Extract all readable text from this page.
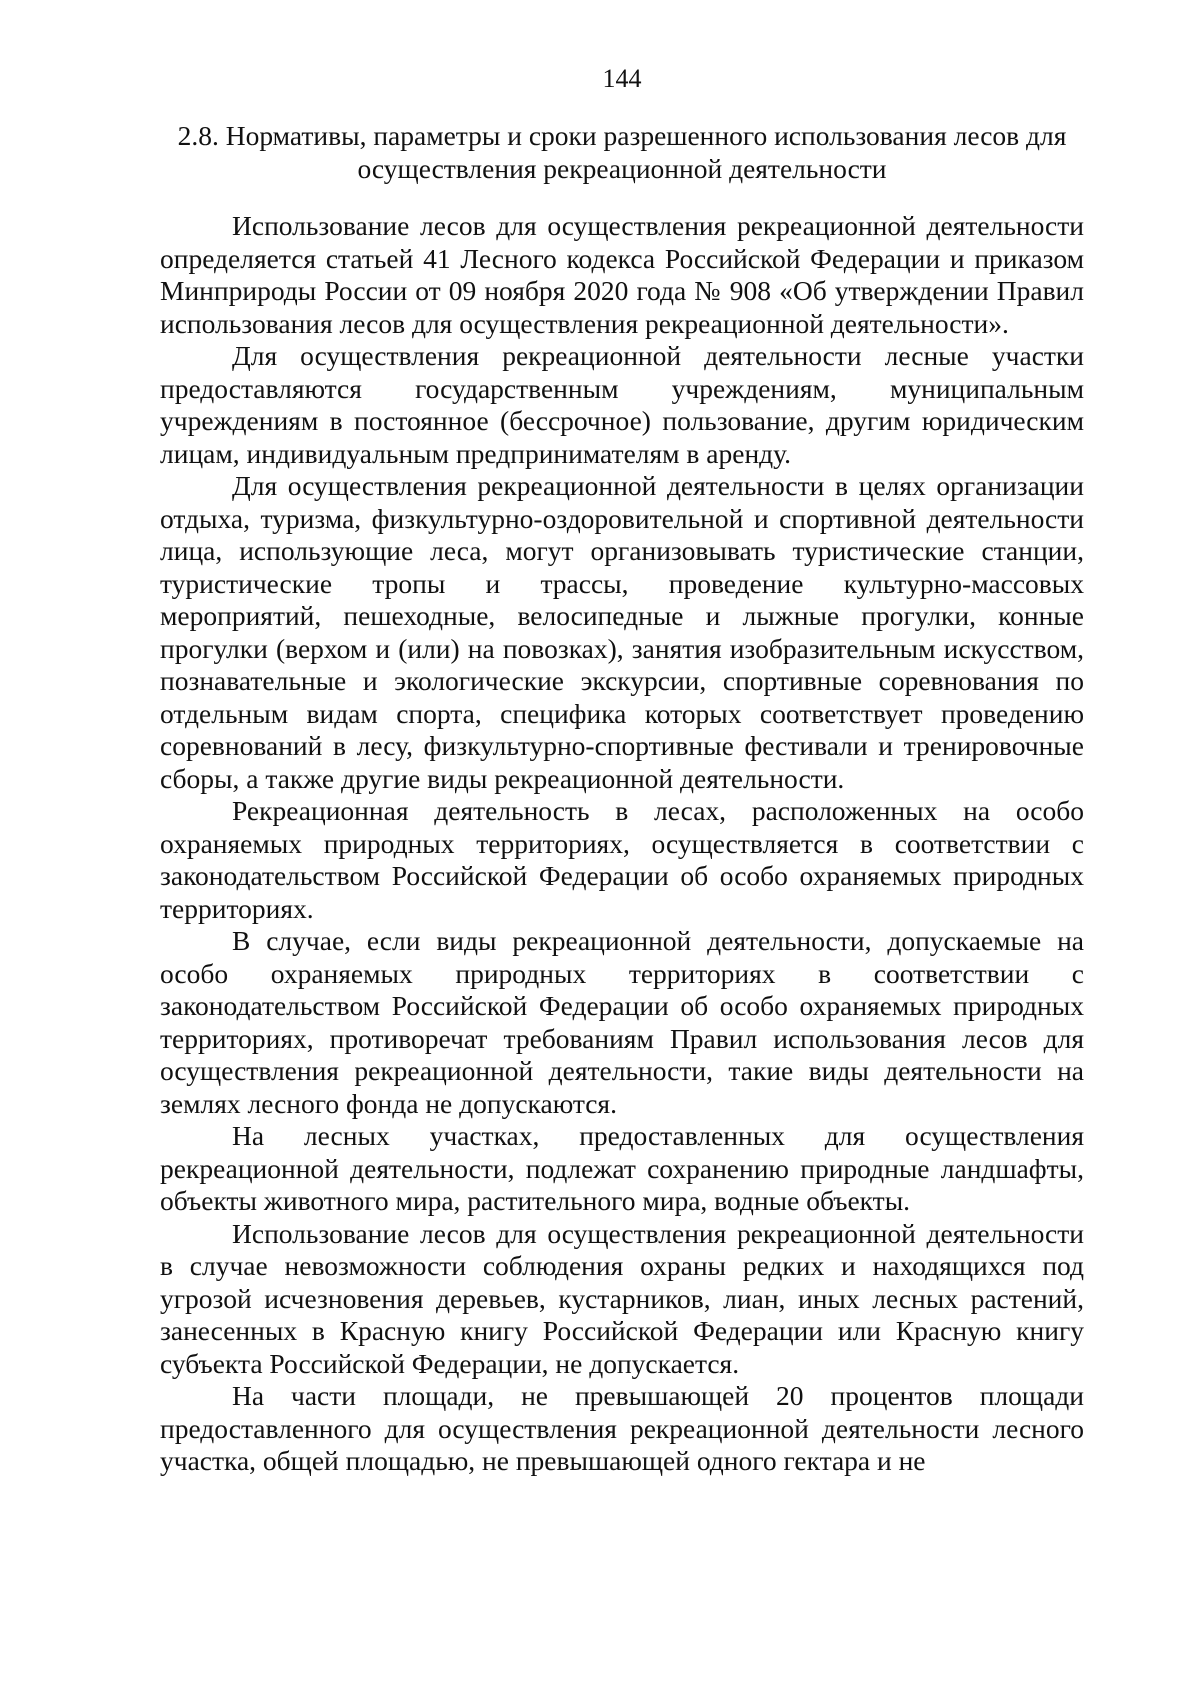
144
2.8. Нормативы, параметры и сроки разрешенного использования лесов для осуществления рекреационной деятельности

Использование лесов для осуществления рекреационной деятельности определяется статьей 41 Лесного кодекса Российской Федерации и приказом Минприроды России от 09 ноября 2020 года № 908 «Об утверждении Правил использования лесов для осуществления рекреационной деятельности».

Для осуществления рекреационной деятельности лесные участки предоставляются государственным учреждениям, муниципальным учреждениям в постоянное (бессрочное) пользование, другим юридическим лицам, индивидуальным предпринимателям в аренду.

Для осуществления рекреационной деятельности в целях организации отдыха, туризма, физкультурно-оздоровительной и спортивной деятельности лица, использующие леса, могут организовывать туристические станции, туристические тропы и трассы, проведение культурно-массовых мероприятий, пешеходные, велосипедные и лыжные прогулки, конные прогулки (верхом и (или) на повозках), занятия изобразительным искусством, познавательные и экологические экскурсии, спортивные соревнования по отдельным видам спорта, специфика которых соответствует проведению соревнований в лесу, физкультурно-спортивные фестивали и тренировочные сборы, а также другие виды рекреационной деятельности.

Рекреационная деятельность в лесах, расположенных на особо охраняемых природных территориях, осуществляется в соответствии с законодательством Российской Федерации об особо охраняемых природных территориях.

В случае, если виды рекреационной деятельности, допускаемые на особо охраняемых природных территориях в соответствии с законодательством Российской Федерации об особо охраняемых природных территориях, противоречат требованиям Правил использования лесов для осуществления рекреационной деятельности, такие виды деятельности на землях лесного фонда не допускаются.

На лесных участках, предоставленных для осуществления рекреационной деятельности, подлежат сохранению природные ландшафты, объекты животного мира, растительного мира, водные объекты.

Использование лесов для осуществления рекреационной деятельности в случае невозможности соблюдения охраны редких и находящихся под угрозой исчезновения деревьев, кустарников, лиан, иных лесных растений, занесенных в Красную книгу Российской Федерации или Красную книгу субъекта Российской Федерации, не допускается.

На части площади, не превышающей 20 процентов площади предоставленного для осуществления рекреационной деятельности лесного участка, общей площадью, не превышающей одного гектара и не
